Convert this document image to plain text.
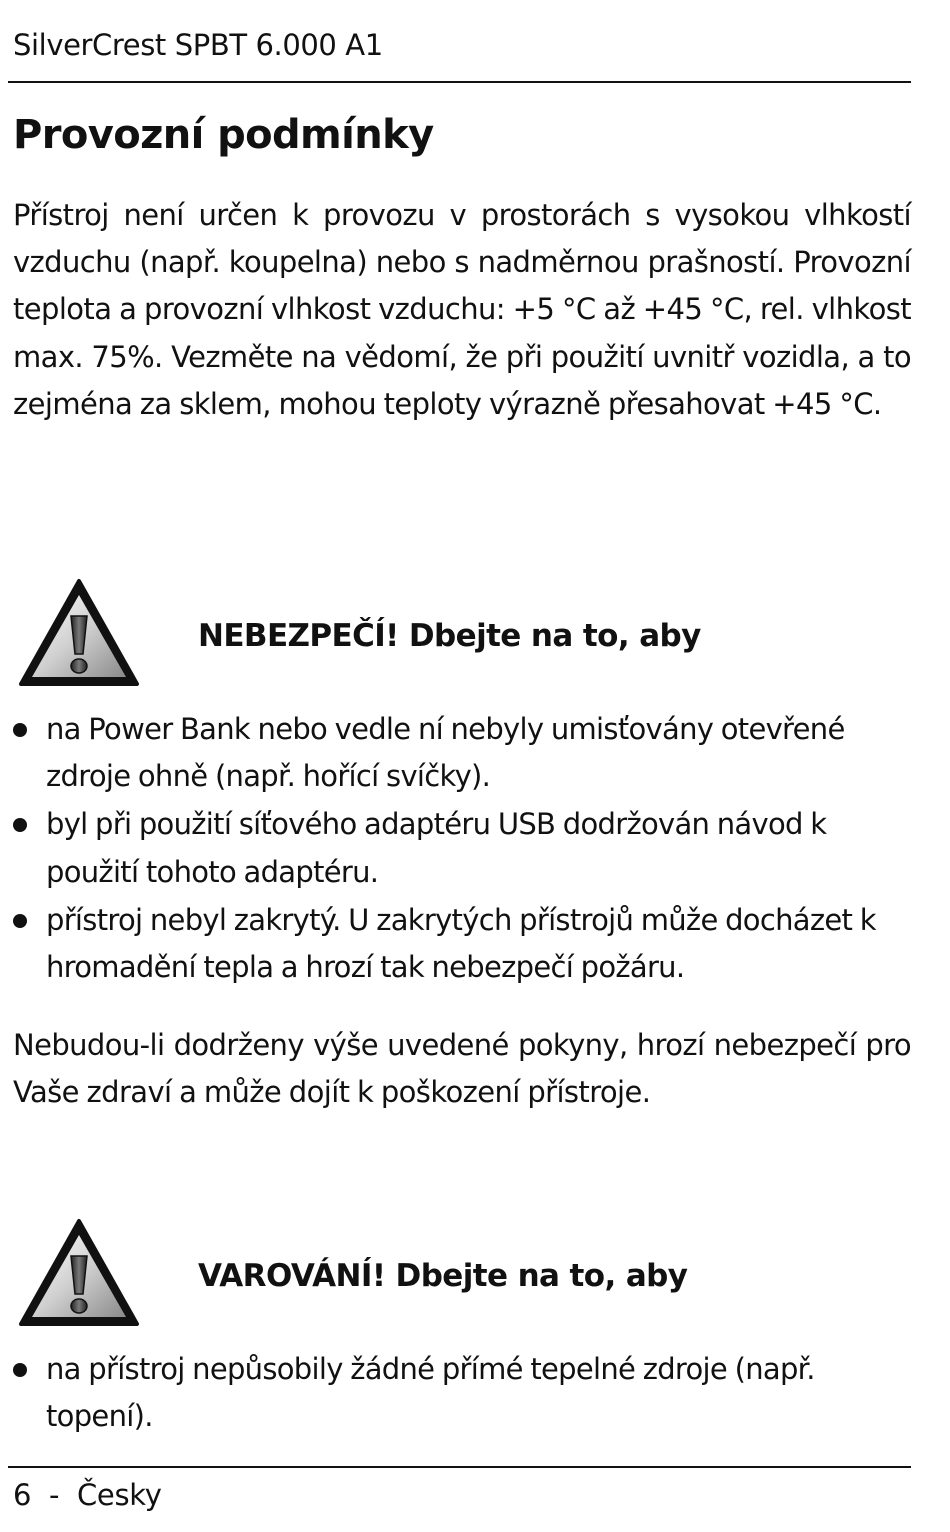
SilverCrest SPBT 6.000 A1
Provozní podmínky

Přístroj není určen k provozu v prostorách s vysokou vlhkostí vzduchu (např. koupelna) nebo s nadměrnou prašností. Provozní teplota a provozní vlhkost vzduchu: +5 °C až +45 °C, rel. vlhkost max. 75%. Vezměte na vědomí, že při použití uvnitř vozidla, a to zejména za sklem, mohou teploty výrazně přesahovat +45 °C.

NEBEZPEČÍ! Dbejte na to, aby
na Power Bank nebo vedle ní nebyly umisťovány otevřené zdroje ohně (např. hořící svíčky).
byl při použití síťového adaptéru USB dodržován návod k použití tohoto adaptéru.
přístroj nebyl zakrytý. U zakrytých přístrojů může docházet k hromadění tepla a hrozí tak nebezpečí požáru.

Nebudou-li dodrženy výše uvedené pokyny, hrozí nebezpečí pro Vaše zdraví a může dojít k poškození přístroje.

VAROVÁNÍ! Dbejte na to, aby
na přístroj nepůsobily žádné přímé tepelné zdroje (např. topení).
6  -  Česky
